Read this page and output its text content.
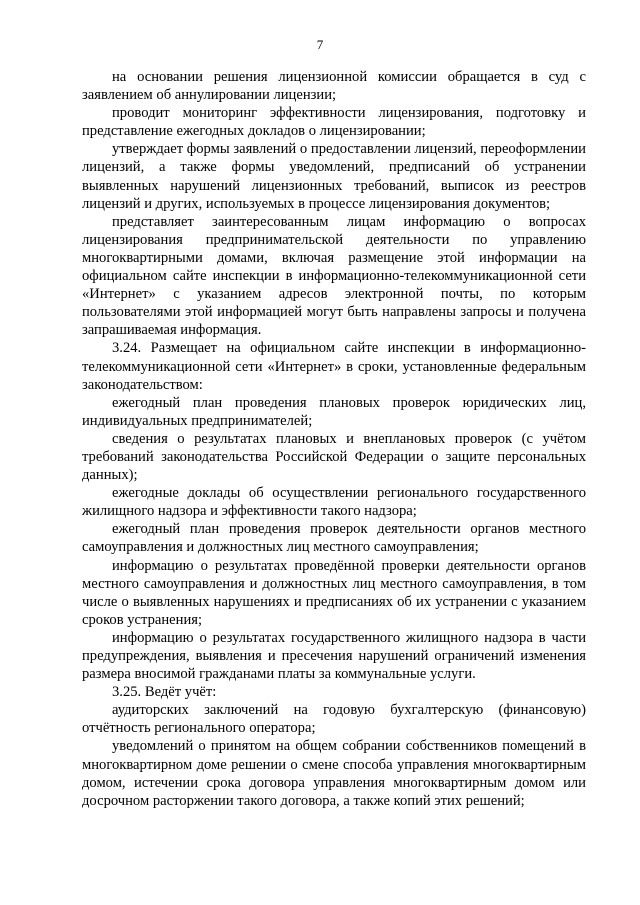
7

на основании решения лицензионной комиссии обращается в суд с заявлением об аннулировании лицензии;

проводит мониторинг эффективности лицензирования, подготовку и представление ежегодных докладов о лицензировании;

утверждает формы заявлений о предоставлении лицензий, переоформлении лицензий, а также формы уведомлений, предписаний об устранении выявленных нарушений лицензионных требований, выписок из реестров лицензий и других, используемых в процессе лицензирования документов;

представляет заинтересованным лицам информацию о вопросах лицензирования предпринимательской деятельности по управлению многоквартирными домами, включая размещение этой информации на официальном сайте инспекции в информационно-телекоммуникационной сети «Интернет» с указанием адресов электронной почты, по которым пользователями этой информацией могут быть направлены запросы и получена запрашиваемая информация.

3.24. Размещает на официальном сайте инспекции в информационно-телекоммуникационной сети «Интернет» в сроки, установленные федеральным законодательством:

ежегодный план проведения плановых проверок юридических лиц, индивидуальных предпринимателей;

сведения о результатах плановых и внеплановых проверок (с учётом требований законодательства Российской Федерации о защите персональных данных);

ежегодные доклады об осуществлении регионального государственного жилищного надзора и эффективности такого надзора;

ежегодный план проведения проверок деятельности органов местного самоуправления и должностных лиц местного самоуправления;

информацию о результатах проведённой проверки деятельности органов местного самоуправления и должностных лиц местного самоуправления, в том числе о выявленных нарушениях и предписаниях об их устранении с указанием сроков устранения;

информацию о результатах государственного жилищного надзора в части предупреждения, выявления и пресечения нарушений ограничений изменения размера вносимой гражданами платы за коммунальные услуги.

3.25. Ведёт учёт:

аудиторских заключений на годовую бухгалтерскую (финансовую) отчётность регионального оператора;

уведомлений о принятом на общем собрании собственников помещений в многоквартирном доме решении о смене способа управления многоквартирным домом, истечении срока договора управления многоквартирным домом или досрочном расторжении такого договора, а также копий этих решений;
